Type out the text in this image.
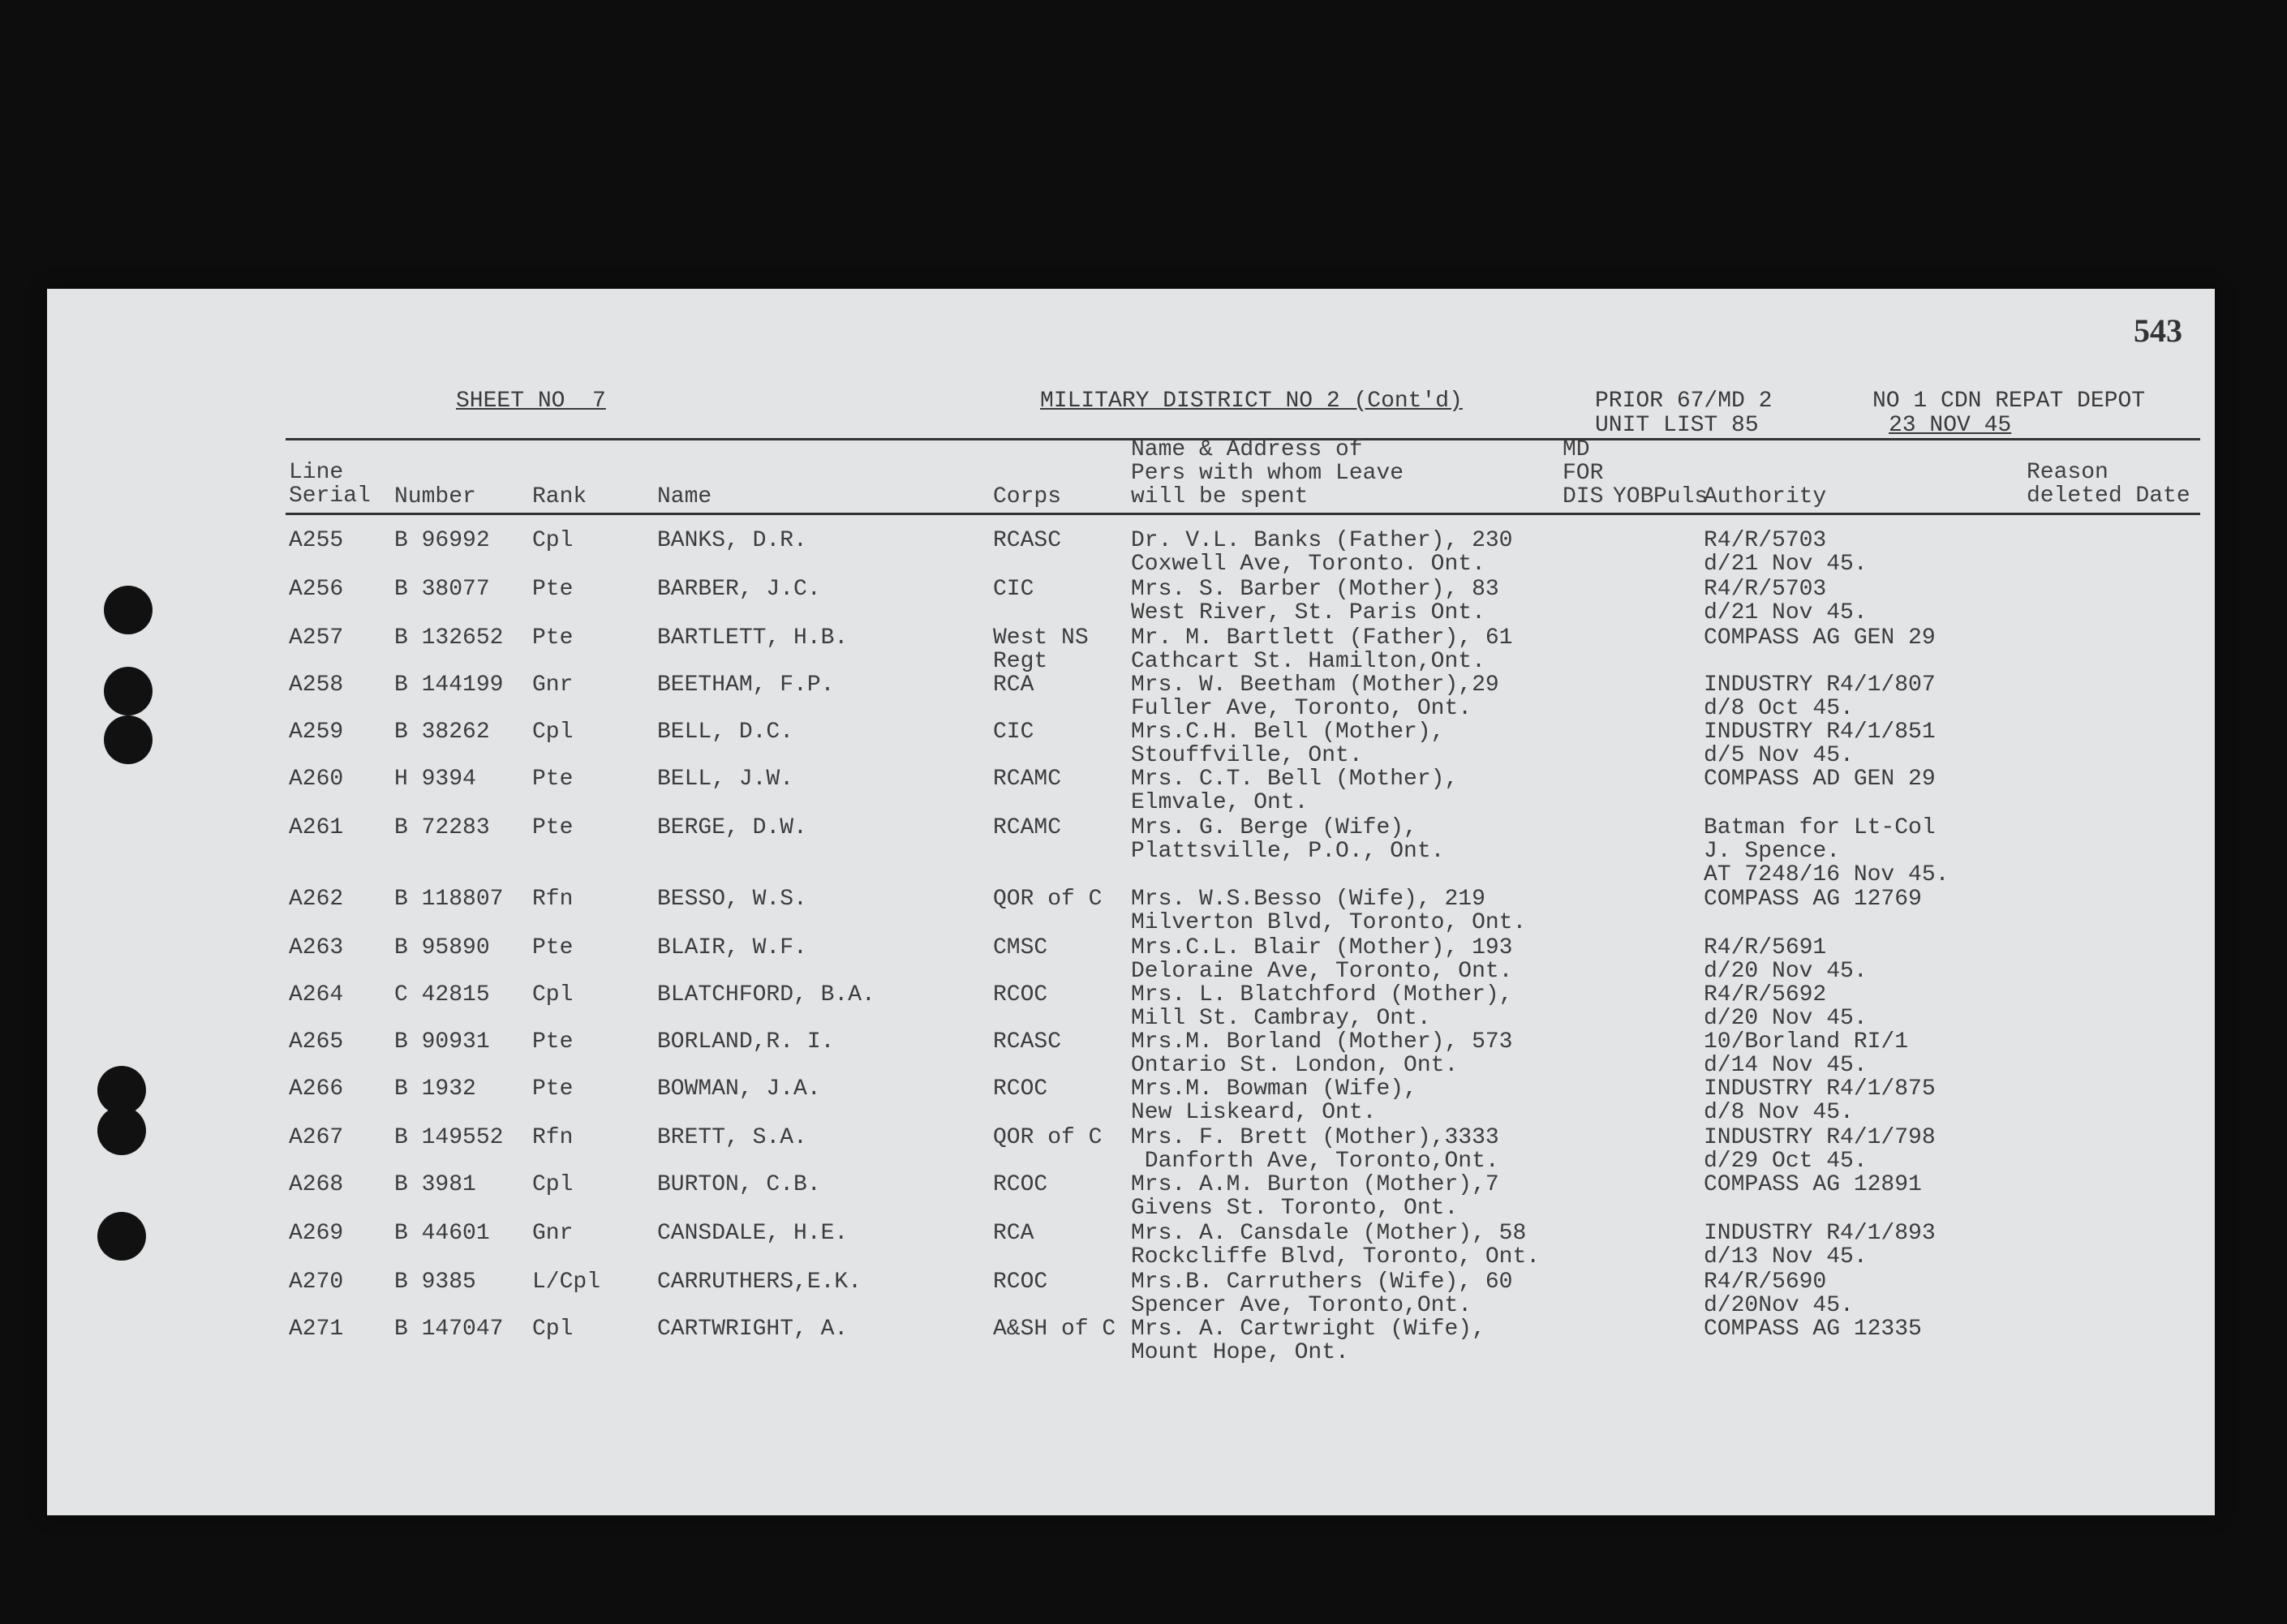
543
SHEET NO  7	MILITARY DISTRICT NO 2 (Cont'd)	PRIOR 67/MD 2
UNIT LIST 85
NO 1 CDN REPAT DEPOT
23 NOV 45
Line
Serial Number Rank	Name	Corps
Name & Address of
Pers with whom Leave
will be spent
MD
FOR
DIS YOB Puls
Authority
Reason
deleted Date
A255 B 96992 Cpl	BANKS, D.R.	RCASC	Dr. V.L. Banks (Father), 230
Coxwell Ave, Toronto. Ont.
R4/R/5703
d/21 Nov 45.
A256 B 38077 Pte	BARBER, J.C.	CIC	Mrs. S. Barber (Mother), 83
West River, St. Paris Ont.
R4/R/5703
d/21 Nov 45.
A257 B 132652 Pte	BARTLETT, H.B.	West NS
Regt
Mr. M. Bartlett (Father), 61
Cathcart St. Hamilton,Ont.
COMPASS AG GEN 29
A258 B 144199 Gnr	BEETHAM, F.P.	RCA	Mrs. W. Beetham (Mother),29
Fuller Ave, Toronto, Ont.
INDUSTRY R4/1/807
d/8 Oct 45.
A259 B 38262 Cpl	BELL, D.C.	CIC	Mrs.C.H. Bell (Mother),
Stouffville, Ont.
INDUSTRY R4/1/851
d/5 Nov 45.
A260 H 9394 Pte	BELL, J.W.	RCAMC	Mrs. C.T. Bell (Mother),
Elmvale, Ont.
COMPASS AD GEN 29
A261 B 72283 Pte	BERGE, D.W.	RCAMC	Mrs. G. Berge (Wife),
Plattsville, P.O., Ont.
Batman for Lt-Col
J. Spence.
AT 7248/16 Nov 45.
A262 B 118807 Rfn	BESSO, W.S.	QOR of C Mrs. W.S.Besso (Wife), 219
Milverton Blvd, Toronto, Ont.
COMPASS AG 12769
A263 B 95890 Pte	BLAIR, W.F.	CMSC	Mrs.C.L. Blair (Mother), 193
Deloraine Ave, Toronto, Ont.
R4/R/5691
d/20 Nov 45.
A264 C 42815 Cpl	BLATCHFORD, B.A.	RCOC	Mrs. L. Blatchford (Mother),
Mill St. Cambray, Ont.
R4/R/5692
d/20 Nov 45.
A265 B 90931 Pte	BORLAND,R. I.	RCASC	Mrs.M. Borland (Mother), 573
Ontario St. London, Ont.
10/Borland RI/1
d/14 Nov 45.
A266 B 1932 Pte	BOWMAN, J.A.	RCOC	Mrs.M. Bowman (Wife),
New Liskeard, Ont.
INDUSTRY R4/1/875
d/8 Nov 45.
A267 B 149552 Rfn	BRETT, S.A.	QOR of C Mrs. F. Brett (Mother),3333
Danforth Ave, Toronto,Ont.
INDUSTRY R4/1/798
d/29 Oct 45.
A268 B 3981 Cpl	BURTON, C.B.	RCOC	Mrs. A.M. Burton (Mother),7
Givens St. Toronto, Ont.
COMPASS AG 12891
A269 B 44601 Gnr	CANSDALE, H.E.	RCA	Mrs. A. Cansdale (Mother), 58
Rockcliffe Blvd, Toronto, Ont.
INDUSTRY R4/1/893
d/13 Nov 45.
A270 B 9385 L/Cpl CARRUTHERS,E.K.	RCOC	Mrs.B. Carruthers (Wife), 60
Spencer Ave, Toronto,Ont.
R4/R/5690
d/20Nov 45.
A271 B 147047 Cpl	CARTWRIGHT, A.	A&SH of C Mrs. A. Cartwright (Wife),
Mount Hope, Ont.
COMPASS AG 12335
